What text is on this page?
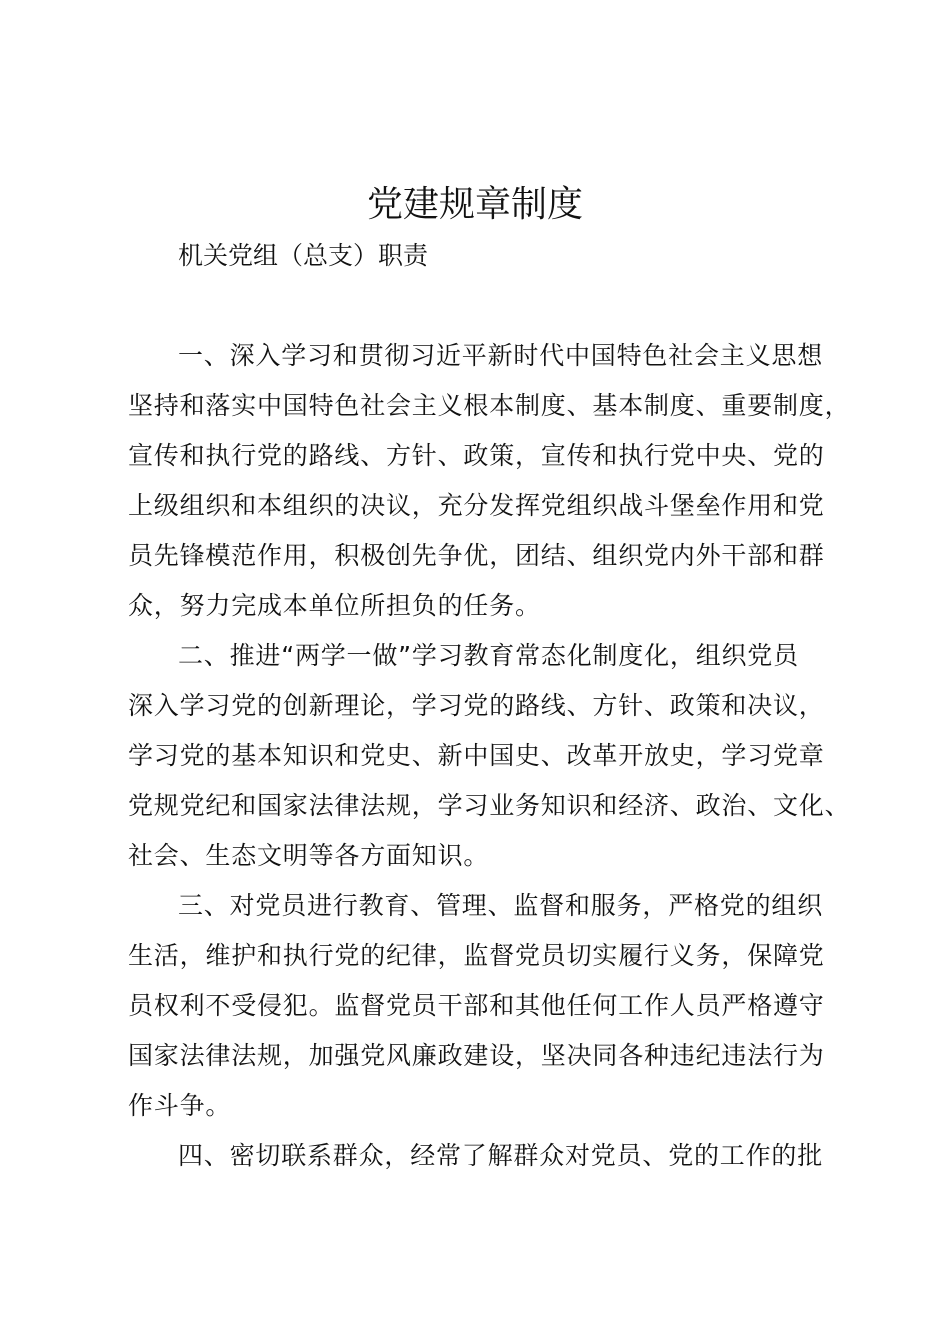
党建规章制度
机关党组（总支）职责

一、深入学习和贯彻习近平新时代中国特色社会主义思想

坚持和落实中国特色社会主义根本制度、基本制度、重要制度，

宣传和执行党的路线、方针、政策，宣传和执行党中央、党的

上级组织和本组织的决议，充分发挥党组织战斗堡垒作用和党

员先锋模范作用，积极创先争优，团结、组织党内外干部和群

众，努力完成本单位所担负的任务。

二、推进“两学一做”学习教育常态化制度化，组织党员

深入学习党的创新理论，学习党的路线、方针、政策和决议，

学习党的基本知识和党史、新中国史、改革开放史，学习党章

党规党纪和国家法律法规，学习业务知识和经济、政治、文化、

社会、生态文明等各方面知识。

三、对党员进行教育、管理、监督和服务，严格党的组织

生活，维护和执行党的纪律，监督党员切实履行义务，保障党

员权利不受侵犯。监督党员干部和其他任何工作人员严格遵守

国家法律法规，加强党风廉政建设，坚决同各种违纪违法行为

作斗争。

四、密切联系群众，经常了解群众对党员、党的工作的批
